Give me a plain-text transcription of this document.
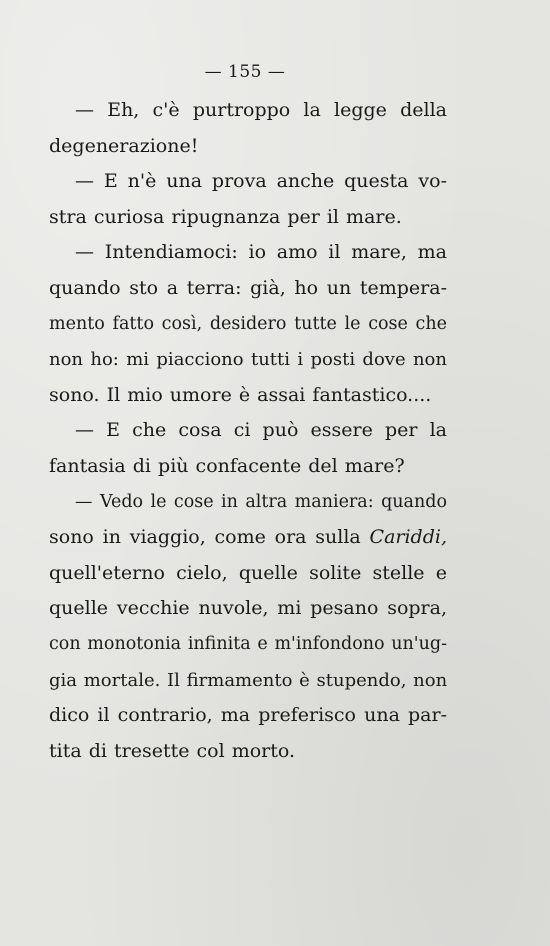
— 155 —
— Eh, c'è purtroppo la legge della
degenerazione!
— E n'è una prova anche questa vo-
stra curiosa ripugnanza per il mare.
— Intendiamoci: io amo il mare, ma
quando sto a terra: già, ho un tempera-
mento fatto così, desidero tutte le cose che
non ho: mi piacciono tutti i posti dove non
sono. Il mio umore è assai fantastico....
— E che cosa ci può essere per la
fantasia di più confacente del mare?
— Vedo le cose in altra maniera: quando
sono in viaggio, come ora sulla Cariddi,
quell'eterno cielo, quelle solite stelle e
quelle vecchie nuvole, mi pesano sopra,
con monotonia infinita e m'infondono un'ug-
gia mortale. Il firmamento è stupendo, non
dico il contrario, ma preferisco una par-
tita di tresette col morto.
